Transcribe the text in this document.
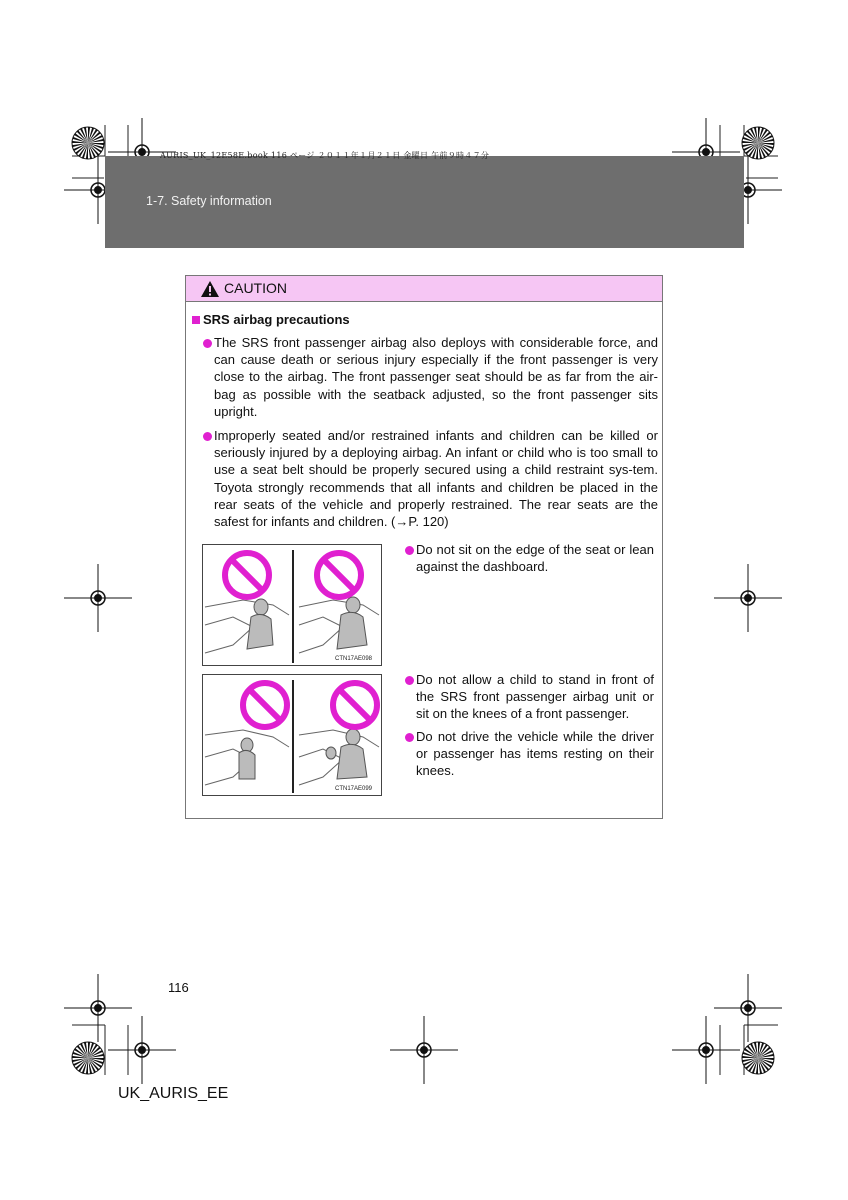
AURIS_UK_12E58E.book 116 ページ ２０１１年１月２１日 金曜日 午前９時４７分
1-7. Safety information
CAUTION
SRS airbag precautions
The SRS front passenger airbag also deploys with considerable force, and can cause death or serious injury especially if the front passenger is very close to the airbag. The front passenger seat should be as far from the air-bag as possible with the seatback adjusted, so the front passenger sits upright.
Improperly seated and/or restrained infants and children can be killed or seriously injured by a deploying airbag. An infant or child who is too small to use a seat belt should be properly secured using a child restraint sys-tem. Toyota strongly recommends that all infants and children be placed in the rear seats of the vehicle and properly restrained. The rear seats are the safest for infants and children. (→P. 120)
CTN17AE098
CTN17AE099
Do not sit on the edge of the seat or lean against the dashboard.
Do not allow a child to stand in front of the SRS front passenger airbag unit or sit on the knees of a front passenger.
Do not drive the vehicle while the driver or passenger has items resting on their knees.
116
UK_AURIS_EE
